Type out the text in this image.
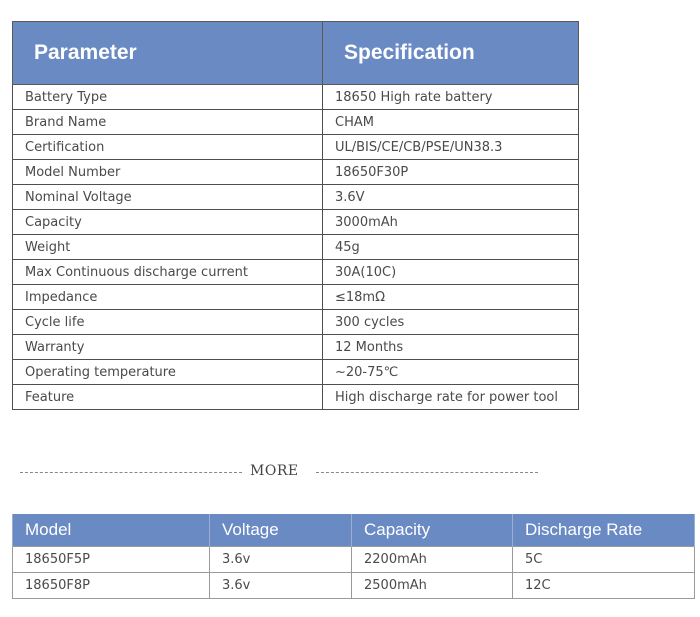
Parameter	Specification
Battery Type	18650 High rate battery
Brand Name	CHAM
Certification	UL/BIS/CE/CB/PSE/UN38.3
Model Number	18650F30P
Nominal Voltage	3.6V
Capacity	3000mAh
Weight	45g
Max Continuous discharge current	30A(10C)
Impedance	≤18mΩ
Cycle life	300 cycles
Warranty	12 Months
Operating temperature	~20-75℃
Feature	High discharge rate for power tool
MORE
Model	Voltage	Capacity	Discharge Rate
18650F5P	3.6v	2200mAh	5C
18650F8P	3.6v	2500mAh	12C
